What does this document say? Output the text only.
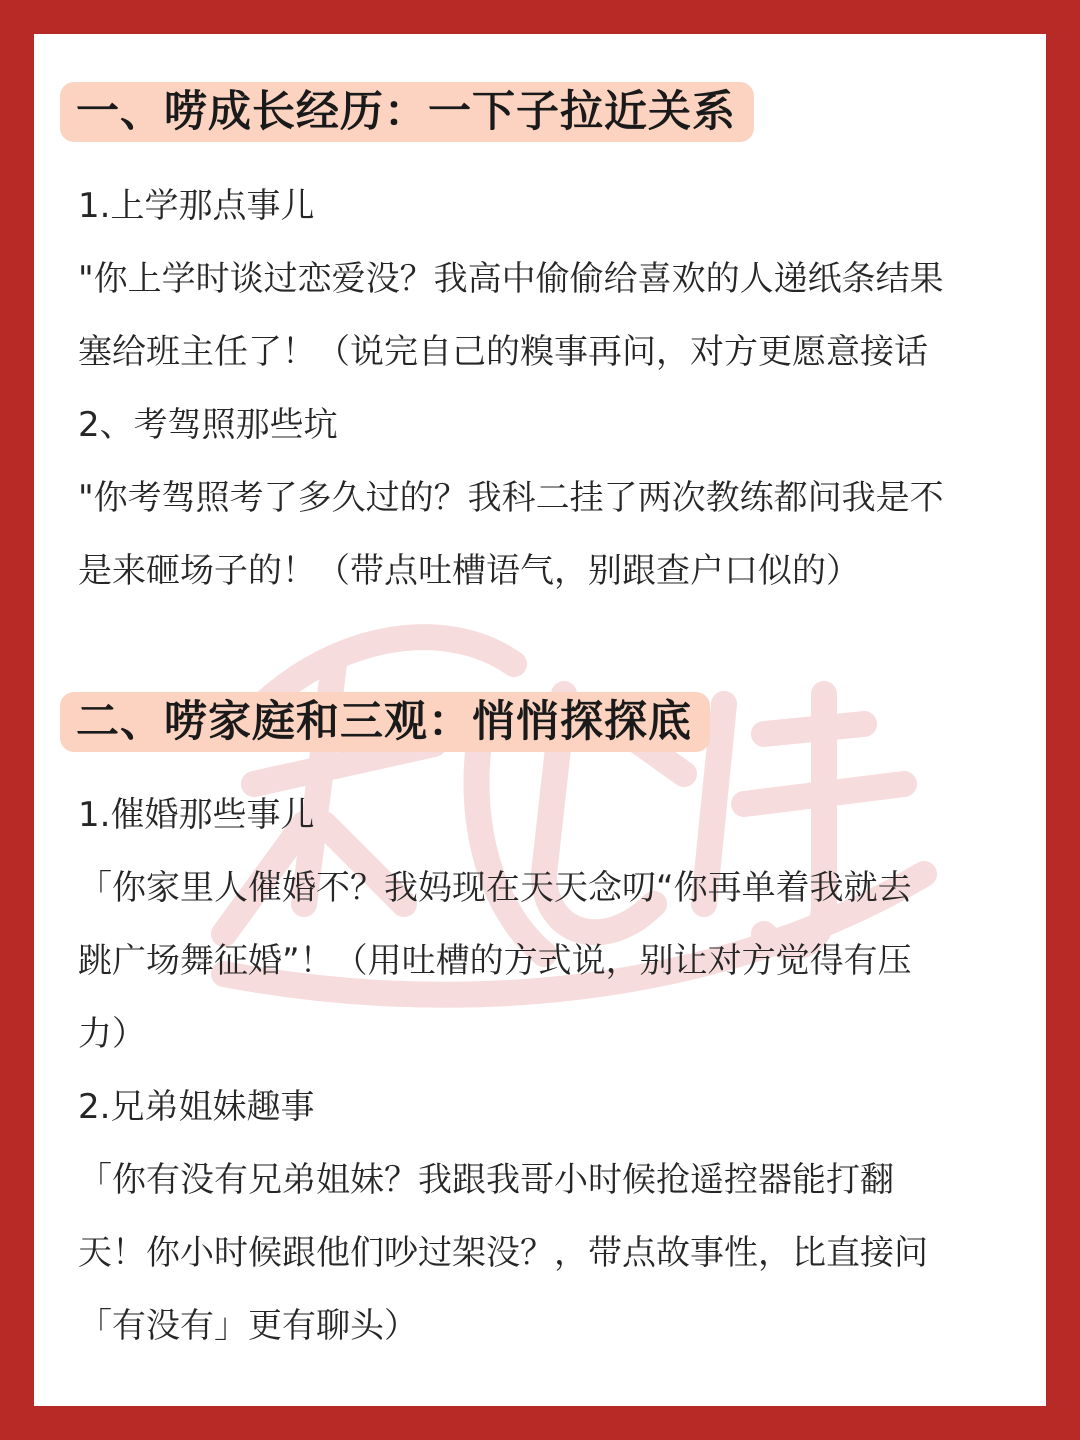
一、唠成长经历：一下子拉近关系
1.上学那点事儿
"你上学时谈过恋爱没？我高中偷偷给喜欢的人递纸条结果
塞给班主任了！（说完自己的糗事再问，对方更愿意接话
2、考驾照那些坑
"你考驾照考了多久过的？我科二挂了两次教练都问我是不
是来砸场子的！（带点吐槽语气，别跟查户口似的）
二、唠家庭和三观：悄悄探探底
1.催婚那些事儿
「你家里人催婚不？我妈现在天天念叨“你再单着我就去
跳广场舞征婚”！（用吐槽的方式说，别让对方觉得有压
力）
2.兄弟姐妹趣事
「你有没有兄弟姐妹？我跟我哥小时候抢遥控器能打翻
天！你小时候跟他们吵过架没？，带点故事性，比直接问
「有没有」更有聊头）
